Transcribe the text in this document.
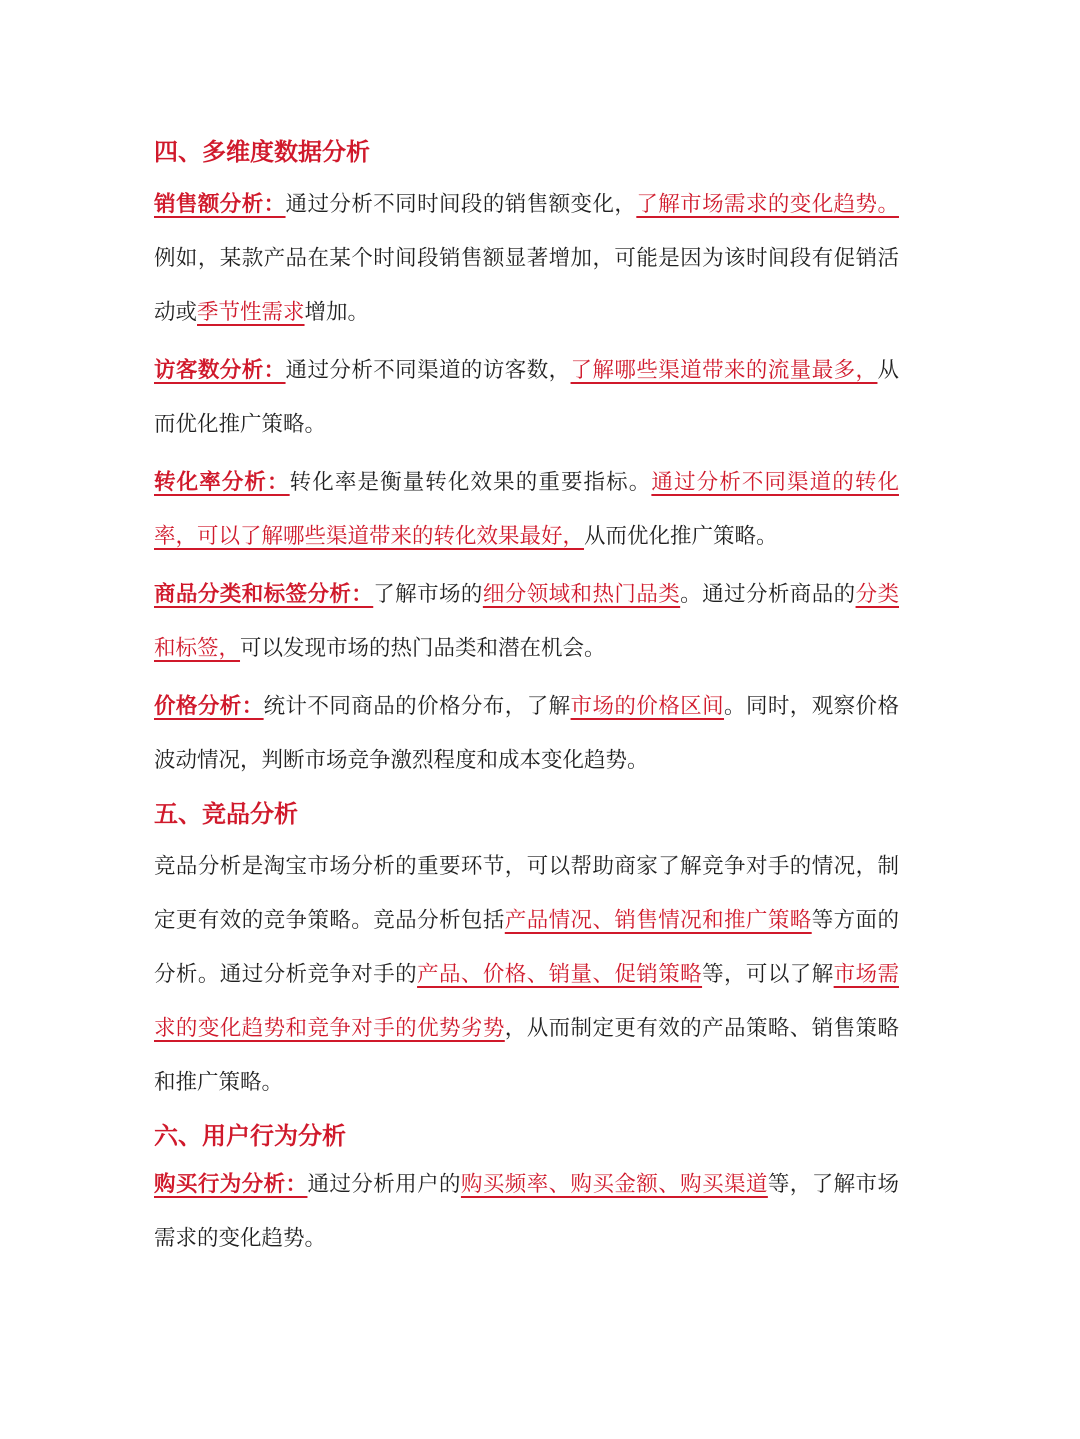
四、多维度数据分析

销售额分析：通过分析不同时间段的销售额变化，了解市场需求的变化趋势。例如，某款产品在某个时间段销售额显著增加，可能是因为该时间段有促销活动或季节性需求增加。

访客数分析：通过分析不同渠道的访客数，了解哪些渠道带来的流量最多，从而优化推广策略。

转化率分析：转化率是衡量转化效果的重要指标。通过分析不同渠道的转化率，可以了解哪些渠道带来的转化效果最好，从而优化推广策略。

商品分类和标签分析：了解市场的细分领域和热门品类。通过分析商品的分类和标签，可以发现市场的热门品类和潜在机会。

价格分析：统计不同商品的价格分布，了解市场的价格区间。同时，观察价格波动情况，判断市场竞争激烈程度和成本变化趋势。

五、竞品分析

竞品分析是淘宝市场分析的重要环节，可以帮助商家了解竞争对手的情况，制定更有效的竞争策略。竞品分析包括产品情况、销售情况和推广策略等方面的分析。通过分析竞争对手的产品、价格、销量、促销策略等，可以了解市场需求的变化趋势和竞争对手的优势劣势，从而制定更有效的产品策略、销售策略和推广策略。

六、用户行为分析

购买行为分析：通过分析用户的购买频率、购买金额、购买渠道等，了解市场需求的变化趋势。
